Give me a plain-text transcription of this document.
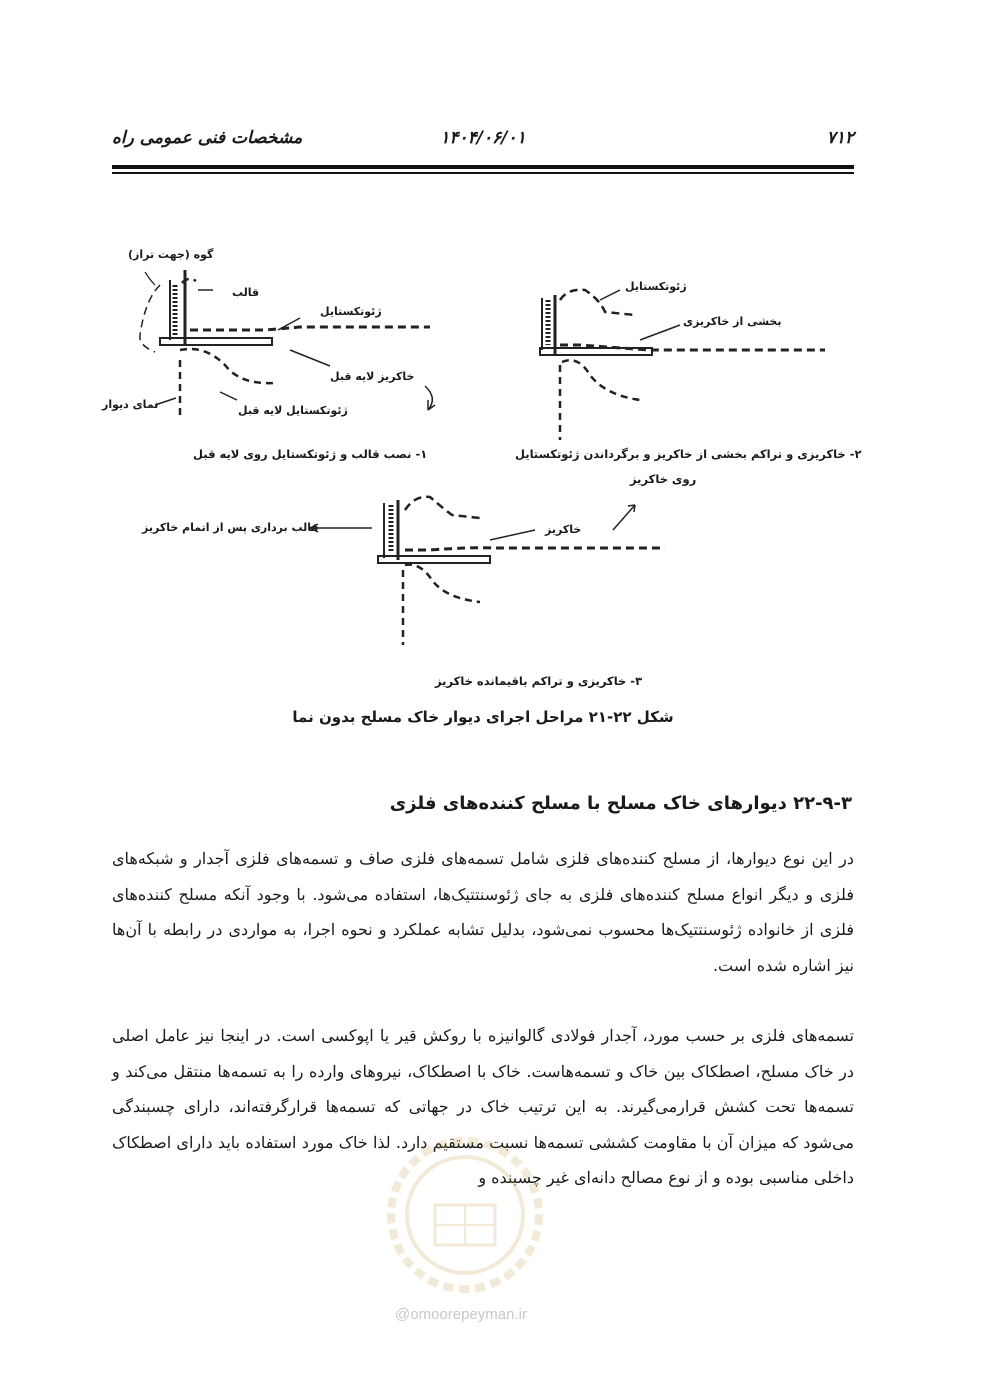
۷۱۲
۱۴۰۴/۰۶/۰۱
مشخصات فنی عمومی راه
گوه (جهت تراز)
قالب
ژئوتکستایل
خاکریز لایه قبل
نمای دیوار	ژئوتکستایل لایه قبل
۱- نصب قالب و ژئوتکستایل روی لایه قبل
ژئوتکستایل
بخشی از خاکریزی
۲- خاکریزی و تراکم بخشی از خاکریز و برگرداندن ژئوتکستایل
روی خاکریز
قالب برداری پس از اتمام خاکریز	خاکریز
۳- خاکریزی و تراکم باقیمانده خاکریز
شکل ۲۲-۲۱ مراحل اجرای دیوار خاک مسلح بدون نما
۲۲-۹-۳ دیوارهای خاک مسلح با مسلح کننده‌های فلزی
در این نوع دیوارها، از مسلح کننده‌های فلزی شامل تسمه‌های فلزی صاف و تسمه‌های فلزی آجدار و شبکه‌های فلزی و دیگر انواع مسلح کننده‌های فلزی به جای ژئوسنتتیک‌ها، استفاده می‌شود. با وجود آنکه مسلح کننده‌های فلزی از خانواده ژئوسنتتیک‌ها محسوب نمی‌شود، بدلیل تشابه عملکرد و نحوه اجرا، به مواردی در رابطه با آن‌ها نیز اشاره شده است.
تسمه‌های فلزی بر حسب مورد، آجدار فولادی گالوانیزه با روکش قیر یا اپوکسی است. در اینجا نیز عامل اصلی در خاک مسلح، اصطکاک بین خاک و تسمه‌هاست. خاک با اصطکاک، نیروهای وارده را به تسمه‌ها منتقل می‌کند و تسمه‌ها تحت کشش قرارمی‌گیرند. به این ترتیب خاک در جهاتی که تسمه‌ها قرارگرفته‌اند، دارای چسبندگی می‌شود که میزان آن با مقاومت کششی تسمه‌ها نسبت مستقیم دارد. لذا خاک مورد استفاده باید دارای اصطکاک داخلی مناسبی بوده و از نوع مصالح دانه‌ای غیر چسبنده و
@omoorepeyman.ir
